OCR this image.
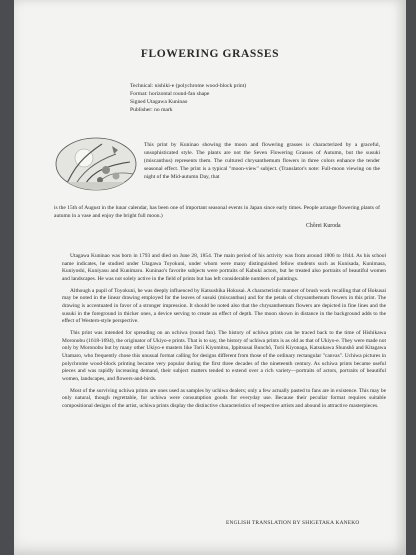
FLOWERING GRASSES
Technical: nishiki-e (polychrome wood-block print)
Format: horizontal round-fan shape
Signed Utagawa Kuninao
Publisher: no mark
This print by Kuninao showing the moon and flowering grasses is characterized by a graceful, unsophisticated style. The plants are not the Seven Flowering Grasses of Autumn, but the susuki (miscanthus) represents them. The cultured chrysanthemum flowers in three colors enhance the tender seasonal effect. The print is a typical "moon-view" subject. (Translator's note: Full-moon viewing on the night of the Mid-autumn Day, that
is the 15th of August in the lunar calendar, has been one of important seasonal events in Japan since early times. People arrange flowering plants of autumn in a vase and enjoy the bright full moon.)
Chôrei Kuroda

Utagawa Kuninao was born in 1793 and died on June 28, 1854. The main period of his activity was from around 1806 to 1844. As his school name indicates, he studied under Utagawa Toyokuni, under whom were many distinguished fellow students such as Kunisada, Kunimasa, Kuniyoshi, Kuniyasu and Kunimaru. Kuninao's favorite subjects were portraits of Kabuki actors, but he treated also portraits of beautiful women and landscapes. He was not solely active in the field of prints but has left considerable numbers of paintings.

Although a pupil of Toyokuni, he was deeply influenced by Katsushika Hokusai. A characteristic manner of brush work recalling that of Hokusai may be noted in the linear drawing employed for the leaves of susuki (miscanthus) and for the petals of chrysanthemum flowers in this print. The drawing is accentuated in favor of a stronger impression. It should be noted also that the chrysanthemum flowers are depicted in fine lines and the susuki in the foreground in thicker ones, a device serving to create an effect of depth. The moon shown in distance in the background adds to the effect of Western-style perspective.

This print was intended for spreading on an uchiwa (round fan). The history of uchiwa prints can be traced back to the time of Hishikawa Moronobu (1618-1694), the originator of Ukiyo-e prints. That is to say, the history of uchiwa prints is as old as that of Ukiyo-e. They were made not only by Moronobu but by many other Ukiyo-e masters like Torii Kiyomitsu, Ippitsusai Bunchô, Torii Kiyonaga, Katsukawa Shunshô and Kitagawa Utamaro, who frequently chose this unusual format calling for designs different from those of the ordinary rectangular "canvas". Uchiwa pictures in polychrome wood-block printing became very popular during the first three decades of the nineteenth century. As uchiwa prints became useful pieces and was rapidly increasing demand, their subject matters tended to extend over a rich variety—portraits of actors, portraits of beautiful women, landscapes, and flowers-and-birds.

Most of the surviving uchiwa prints are ones used as samples by uchiwa dealers; only a few actually pasted to fans are in existence. This may be only natural, though regrettable, for uchiwa were consumption goods for everyday use. Because their peculiar format requires suitable compositional designs of the artist, uchiwa prints display the distinctive characteristics of respective artists and abound in attractive masterpieces.

ENGLISH TRANSLATION BY SHIGETAKA KANEKO
